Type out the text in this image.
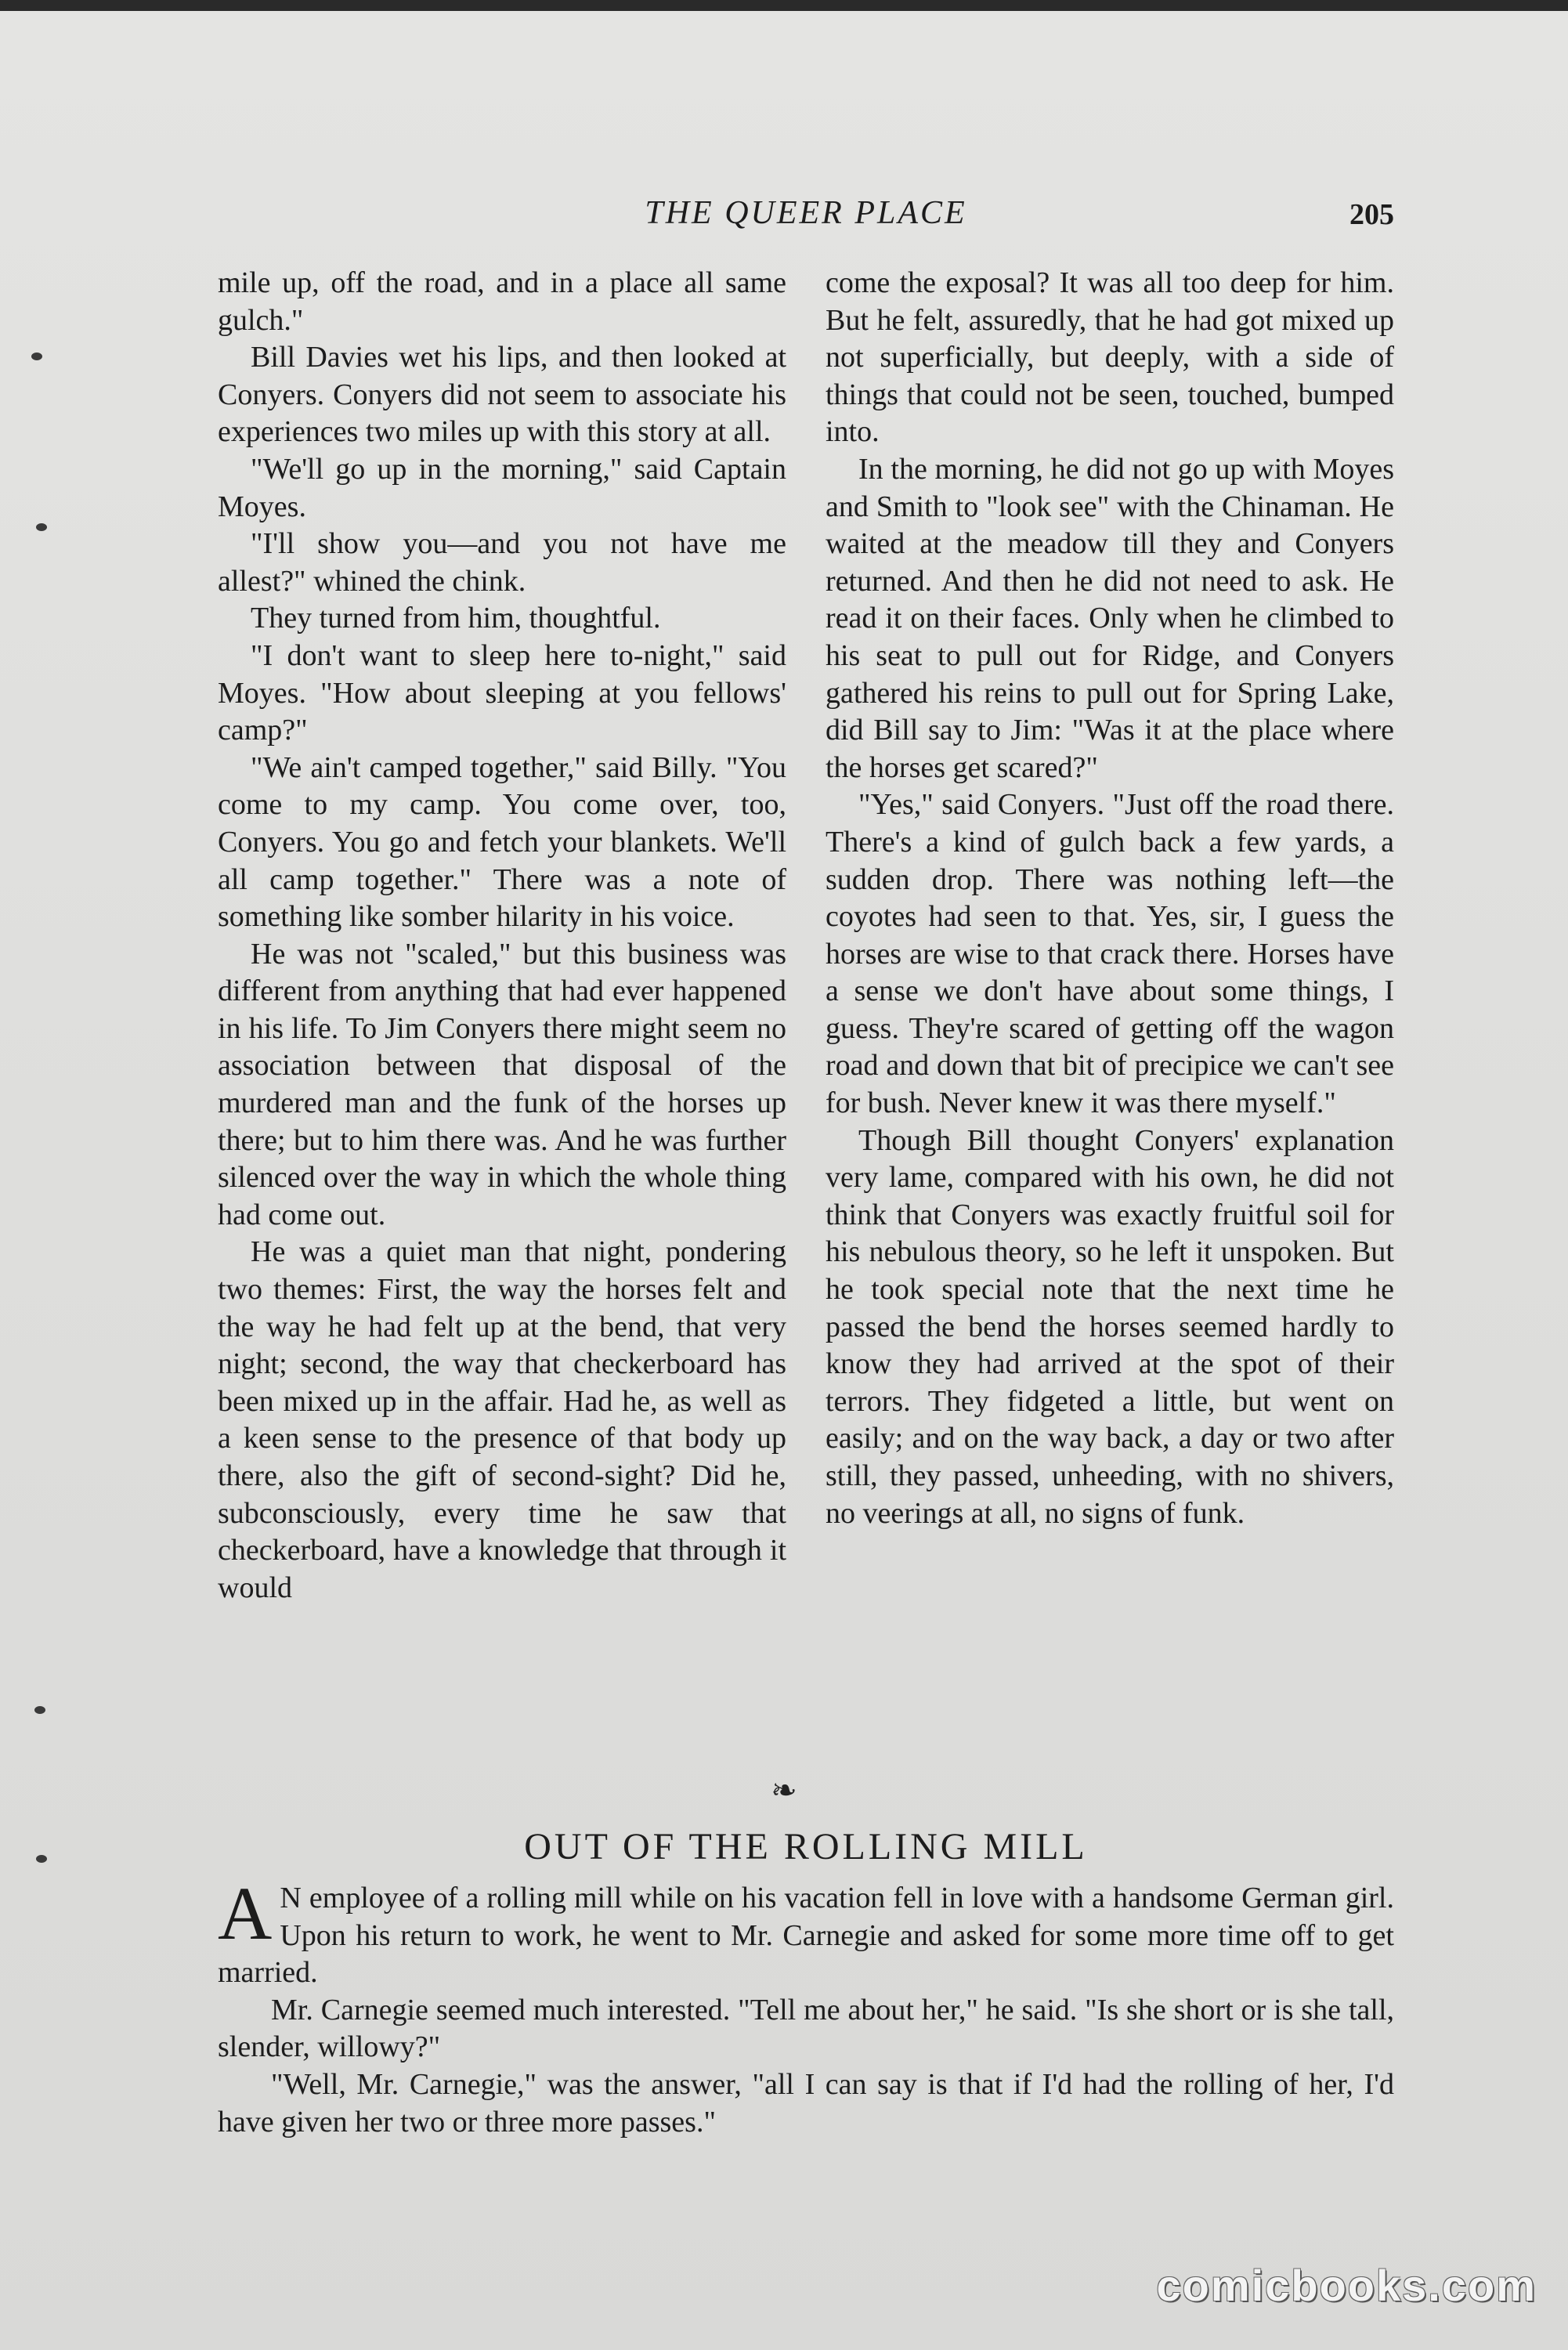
THE QUEER PLACE	205

mile up, off the road, and in a place all same gulch."

Bill Davies wet his lips, and then looked at Conyers. Conyers did not seem to associate his experiences two miles up with this story at all.

"We'll go up in the morning," said Captain Moyes.

"I'll show you—and you not have me allest?" whined the chink.

They turned from him, thoughtful.

"I don't want to sleep here to-night," said Moyes. "How about sleeping at you fellows' camp?"

"We ain't camped together," said Billy. "You come to my camp. You come over, too, Conyers. You go and fetch your blankets. We'll all camp together." There was a note of something like somber hilarity in his voice.

He was not "scaled," but this business was different from anything that had ever happened in his life. To Jim Conyers there might seem no association between that disposal of the murdered man and the funk of the horses up there; but to him there was. And he was further silenced over the way in which the whole thing had come out.

He was a quiet man that night, pondering two themes: First, the way the horses felt and the way he had felt up at the bend, that very night; second, the way that checkerboard has been mixed up in the affair. Had he, as well as a keen sense to the presence of that body up there, also the gift of second-sight? Did he, subconsciously, every time he saw that checkerboard, have a knowledge that through it would

come the exposal? It was all too deep for him. But he felt, assuredly, that he had got mixed up not superficially, but deeply, with a side of things that could not be seen, touched, bumped into.

In the morning, he did not go up with Moyes and Smith to "look see" with the Chinaman. He waited at the meadow till they and Conyers returned. And then he did not need to ask. He read it on their faces. Only when he climbed to his seat to pull out for Ridge, and Conyers gathered his reins to pull out for Spring Lake, did Bill say to Jim: "Was it at the place where the horses get scared?"

"Yes," said Conyers. "Just off the road there. There's a kind of gulch back a few yards, a sudden drop. There was nothing left—the coyotes had seen to that. Yes, sir, I guess the horses are wise to that crack there. Horses have a sense we don't have about some things, I guess. They're scared of getting off the wagon road and down that bit of precipice we can't see for bush. Never knew it was there myself."

Though Bill thought Conyers' explanation very lame, compared with his own, he did not think that Conyers was exactly fruitful soil for his nebulous theory, so he left it unspoken. But he took special note that the next time he passed the bend the horses seemed hardly to know they had arrived at the spot of their terrors. They fidgeted a little, but went on easily; and on the way back, a day or two after still, they passed, unheeding, with no shivers, no veerings at all, no signs of funk.

❧
OUT OF THE ROLLING MILL

A N employee of a rolling mill while on his vacation fell in love with a handsome German girl. Upon his return to work, he went to Mr. Carnegie and asked for some more time off to get married.

Mr. Carnegie seemed much interested. "Tell me about her," he said. "Is she short or is she tall, slender, willowy?"

"Well, Mr. Carnegie," was the answer, "all I can say is that if I'd had the rolling of her, I'd have given her two or three more passes."

comicbooks.com
